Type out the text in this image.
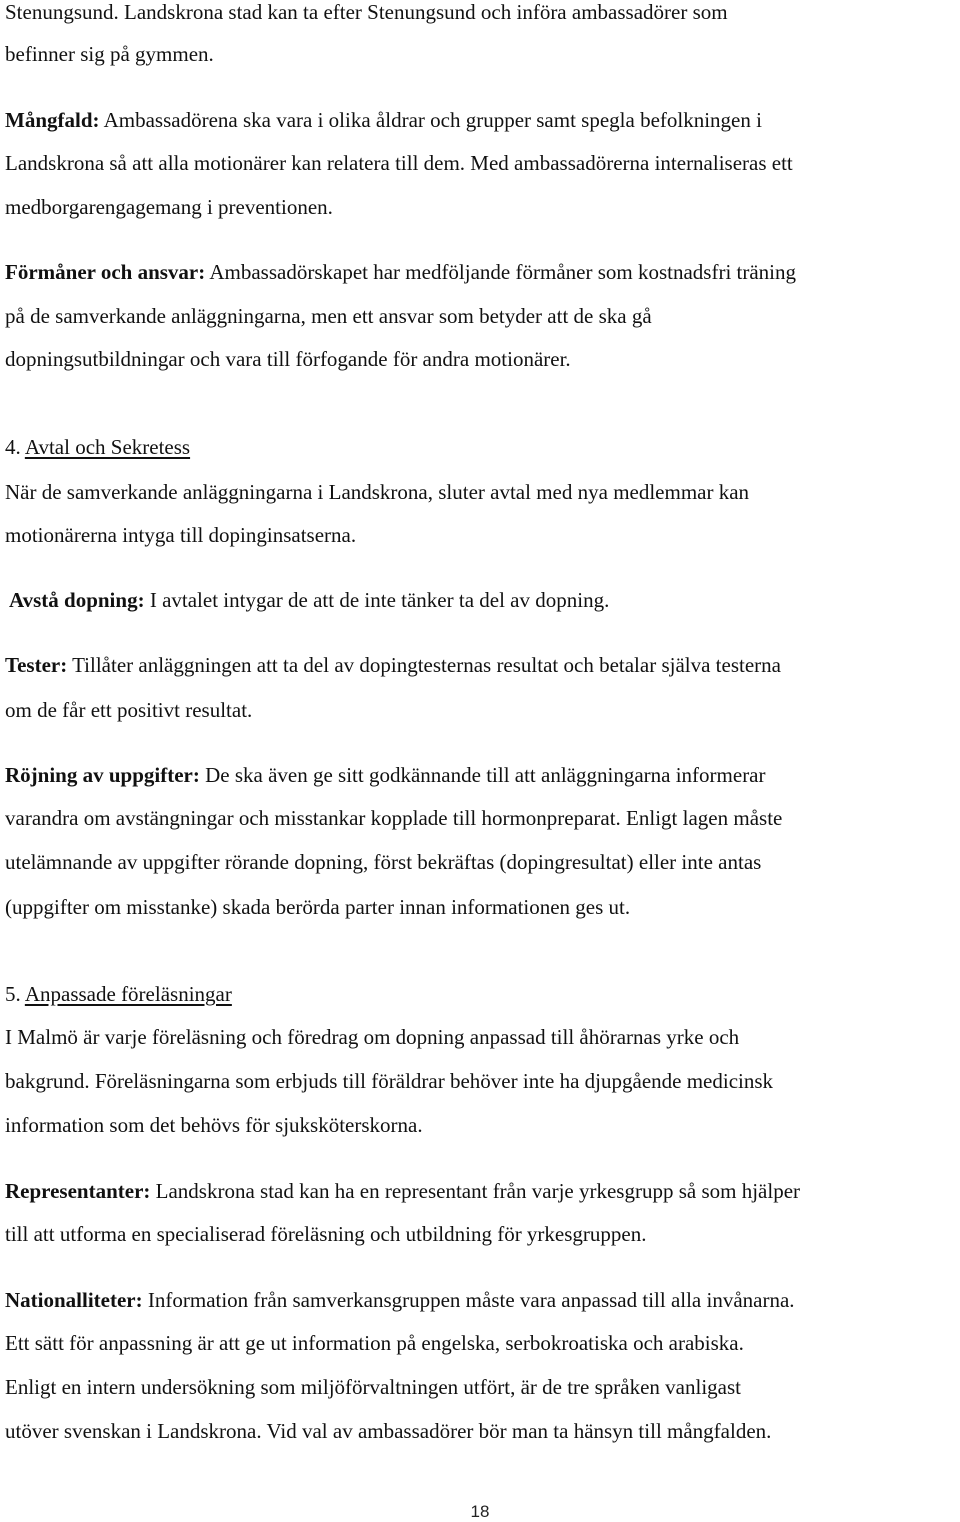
Stenungsund. Landskrona stad kan ta efter Stenungsund och införa ambassadörer som
befinner sig på gymmen.
Mångfald: Ambassadörena ska vara i olika åldrar och grupper samt spegla befolkningen i
Landskrona så att alla motionärer kan relatera till dem. Med ambassadörerna internaliseras ett
medborgarengagemang i preventionen.
Förmåner och ansvar: Ambassadörskapet har medföljande förmåner som kostnadsfri träning
på de samverkande anläggningarna, men ett ansvar som betyder att de ska gå
dopningsutbildningar och vara till förfogande för andra motionärer.
4. Avtal och Sekretess
När de samverkande anläggningarna i Landskrona, sluter avtal med nya medlemmar kan
motionärerna intyga till dopinginsatserna.
Avstå dopning: I avtalet intygar de att de inte tänker ta del av dopning.
Tester: Tillåter anläggningen att ta del av dopingtesternas resultat och betalar själva testerna
om de får ett positivt resultat.
Röjning av uppgifter: De ska även ge sitt godkännande till att anläggningarna informerar
varandra om avstängningar och misstankar kopplade till hormonpreparat. Enligt lagen måste
utelämnande av uppgifter rörande dopning, först bekräftas (dopingresultat) eller inte antas
(uppgifter om misstanke) skada berörda parter innan informationen ges ut.
5. Anpassade föreläsningar
I Malmö är varje föreläsning och föredrag om dopning anpassad till åhörarnas yrke och
bakgrund. Föreläsningarna som erbjuds till föräldrar behöver inte ha djupgående medicinsk
information som det behövs för sjuksköterskorna.
Representanter: Landskrona stad kan ha en representant från varje yrkesgrupp så som hjälper
till att utforma en specialiserad föreläsning och utbildning för yrkesgruppen.
Nationalliteter: Information från samverkansgruppen måste vara anpassad till alla invånarna.
Ett sätt för anpassning är att ge ut information på engelska, serbokroatiska och arabiska.
Enligt en intern undersökning som miljöförvaltningen utfört, är de tre språken vanligast
utöver svenskan i Landskrona. Vid val av ambassadörer bör man ta hänsyn till mångfalden.
18
